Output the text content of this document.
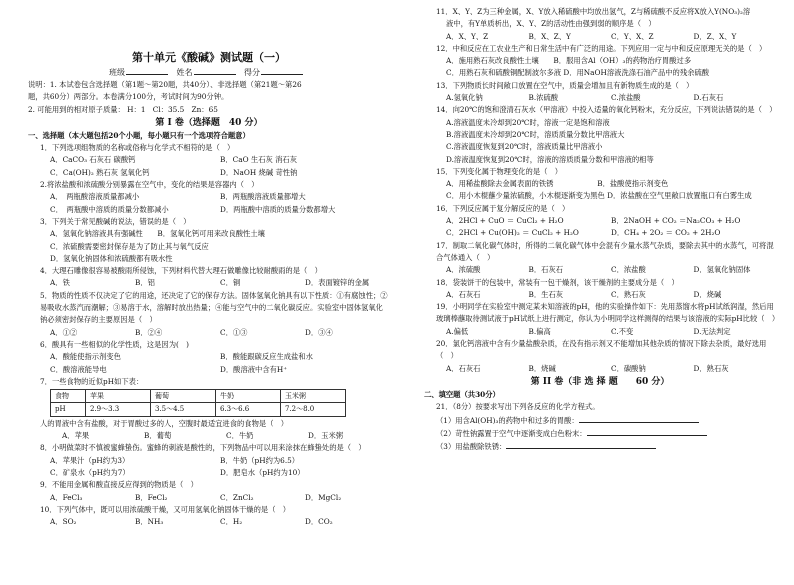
第十单元《酸碱》测试题（一）
班级	姓名	得分

说明：1. 本试卷包含选择题（第1题～第20题，共40分）、非选择题（第21题～第26

题，共60分）两部分。本卷满分100分，考试时间为90分钟。

2. 可能用到的相对原子质量： H：1　Cl：35.5　Zn：65

第 I 卷（选择题　40 分）

一、选择题（本大题包括20个小题，每小题只有一个选项符合题意）

1．下列选项组物质的名称或俗称与化学式不相符的是（　）

A．CaCO₃ 石灰石 碳酸钙	B．CaO 生石灰 消石灰
C．Ca(OH)₂ 熟石灰 氢氧化钙	D．NaOH 烧碱 苛性钠

2.将浓盐酸和浓硫酸分别暴露在空气中，变化的结果是容器内（　）

A．　两瓶酸溶液质量都减小	B．两瓶酸溶液质量都增大
C．　两瓶酸中溶质的质量分数都减小	D．两瓶酸中溶质的质量分数都增大

3．下列关于常见酸碱的说法，错误的是（　）

A．氢氧化钠溶液具有强碱性　　B．氢氧化钙可用来改良酸性土壤

C．浓硫酸需要密封保存是为了防止其与氧气反应

D．氢氧化钠固体和浓硫酸都有吸水性

4．大理石雕像很容易被酸雨所侵蚀，下列材料代替大理石做雕像比较耐酸雨的是（　）

A．铁	B．铝	C．铜	D．表面镀锌的金属

5．物质的性质不仅决定了它的用途，还决定了它的保存方法。固体氢氧化钠具有以下性质：①有腐蚀性；②易吸收水蒸汽而潮解；③易溶于水，溶解时放出热量；④能与空气中的二氧化碳反应。实验室中固体氢氧化钠必须密封保存的主要原因是（　）

A．①②	B．②④	C．①③	D．③④

6．酸具有一些相似的化学性质，这是因为(　)

A．酸能使指示剂变色	B．酸能跟碳反应生成盐和水
C．酸溶液能导电	D．酸溶液中含有H⁺

7．一些食物的近似pH如下表：

食物	苹果	葡萄	牛奶	玉米粥
pH	2.9～3.3	3.5～4.5	6.3～6.6	7.2～8.0

人的胃液中含有盐酸，对于胃酸过多的人，空腹时最适宜进食的食物是（　）

A．苹果	B．葡萄	C．牛奶	D．玉米粥

8．小明做菜时不慎被蜜蜂蛰伤。蜜蜂的刺液是酸性的，下列物品中可以用来涂抹在蜂蛰处的是（　）

A．苹果汁（pH约为3）	B．牛奶（pH约为6.5）
C．矿泉水（pH约为7）	D．肥皂水（pH约为10）

9．不能用金属和酸直接反应得到的物质是（　）

A．FeCl₃	B．FeCl₂	C．ZnCl₂	D．MgCl₂

10．下列气体中，既可以用浓硫酸干燥，又可用氢氧化钠固体干燥的是（　）

A．SO₂	B．NH₃	C．H₂	D．CO₂

11．X、Y、Z为三种金属，X、Y放入稀硫酸中均放出氢气，Z与稀硫酸不反应将X放入Y(NO₃)₂溶

液中，有Y单质析出，X、Y、Z的活动性由强到弱的顺序是（　）

A．X、Y、Z	B．X、Z、Y	C．Y、X、Z	D．Z、X、Y

12．中和反应在工农业生产和日常生活中有广泛的用途。下列应用一定与中和反应原理无关的是（　）

A．施用熟石灰改良酸性土壤　　B．服用含Al（OH）₃的药物治疗胃酸过多

C．用熟石灰和硫酸铜配制波尔多液 D．用NaOH溶液洗涤石油产品中的残余硫酸

13．下列物质长时间敞口放置在空气中，质量会增加且有新物质生成的是（　）

A.氢氧化钠	B.浓硫酸	C.浓盐酸	D.石灰石

14．向20℃的饱和澄清石灰水（甲溶液）中投入适量的氧化钙粉末，充分反应，下列说法错误的是（　）

A.溶液温度未冷却到20℃时，溶液一定是饱和溶液

B.溶液温度未冷却到20℃时，溶质质量分数比甲溶液大

C.溶液温度恢复到20℃时，溶液质量比甲溶液小

D.溶液温度恢复到20℃时，溶液的溶质质量分数和甲溶液的相等

15．下列变化属于物理变化的是（　）

A．用稀盐酸除去金属表面的铁锈　　　　　　B．盐酸使指示剂变色

C．用小木棍蘸少量浓硫酸，小木棍逐渐变为黑色 D．浓盐酸在空气里敞口放置瓶口有白雾生成

16．下列反应属于复分解反应的是（　）

A．2HCl + CuO ＝ CuCl₂ + H₂O	B．2NaOH + CO₂ ＝Na₂CO₃ + H₂O
C．2HCl + Cu(OH)₂ ＝ CuCl₂ + H₂O	D．CH₄ + 2O₂ ＝ CO₂ + 2H₂O

17．制取二氧化碳气体时，所得的二氧化碳气体中会混有少量水蒸气杂质，要除去其中的水蒸气，可将混合气体通入（　）

A．浓硫酸	B．石灰石	C．浓盐酸	D．氢氧化钠固体

18．袋装饼干的包装中，常装有一包干燥剂，该干燥剂的主要成分是（　）

A．石灰石	B．生石灰	C．熟石灰	D．烧碱

19．小明同学在实验室中测定某未知溶液的pH，他的实验操作如下：先用蒸馏水将pH试纸润湿，然后用玻璃棒蘸取待测试液于pH试纸上进行测定，你认为小明同学这样测得的结果与该溶液的实际pH比较（　）

A.偏低	B.偏高	C.不变	D.无法判定

20．氯化钙溶液中含有少量盐酸杂质，在没有指示剂又不能增加其他杂质的情况下除去杂质，最好选用（　）

A．石灰石	B．烧碱	C．碳酸钠	D．熟石灰
第 II 卷（非 选 择 题　　60 分）

二、填空题（共30分）

21．（8分）按要求写出下列各反应的化学方程式。

（1）用含Al(OH)₃的药物中和过多的胃酸：

（2）苛性钠露置于空气中逐渐变成白色粉末：

（3）用盐酸除铁锈：
